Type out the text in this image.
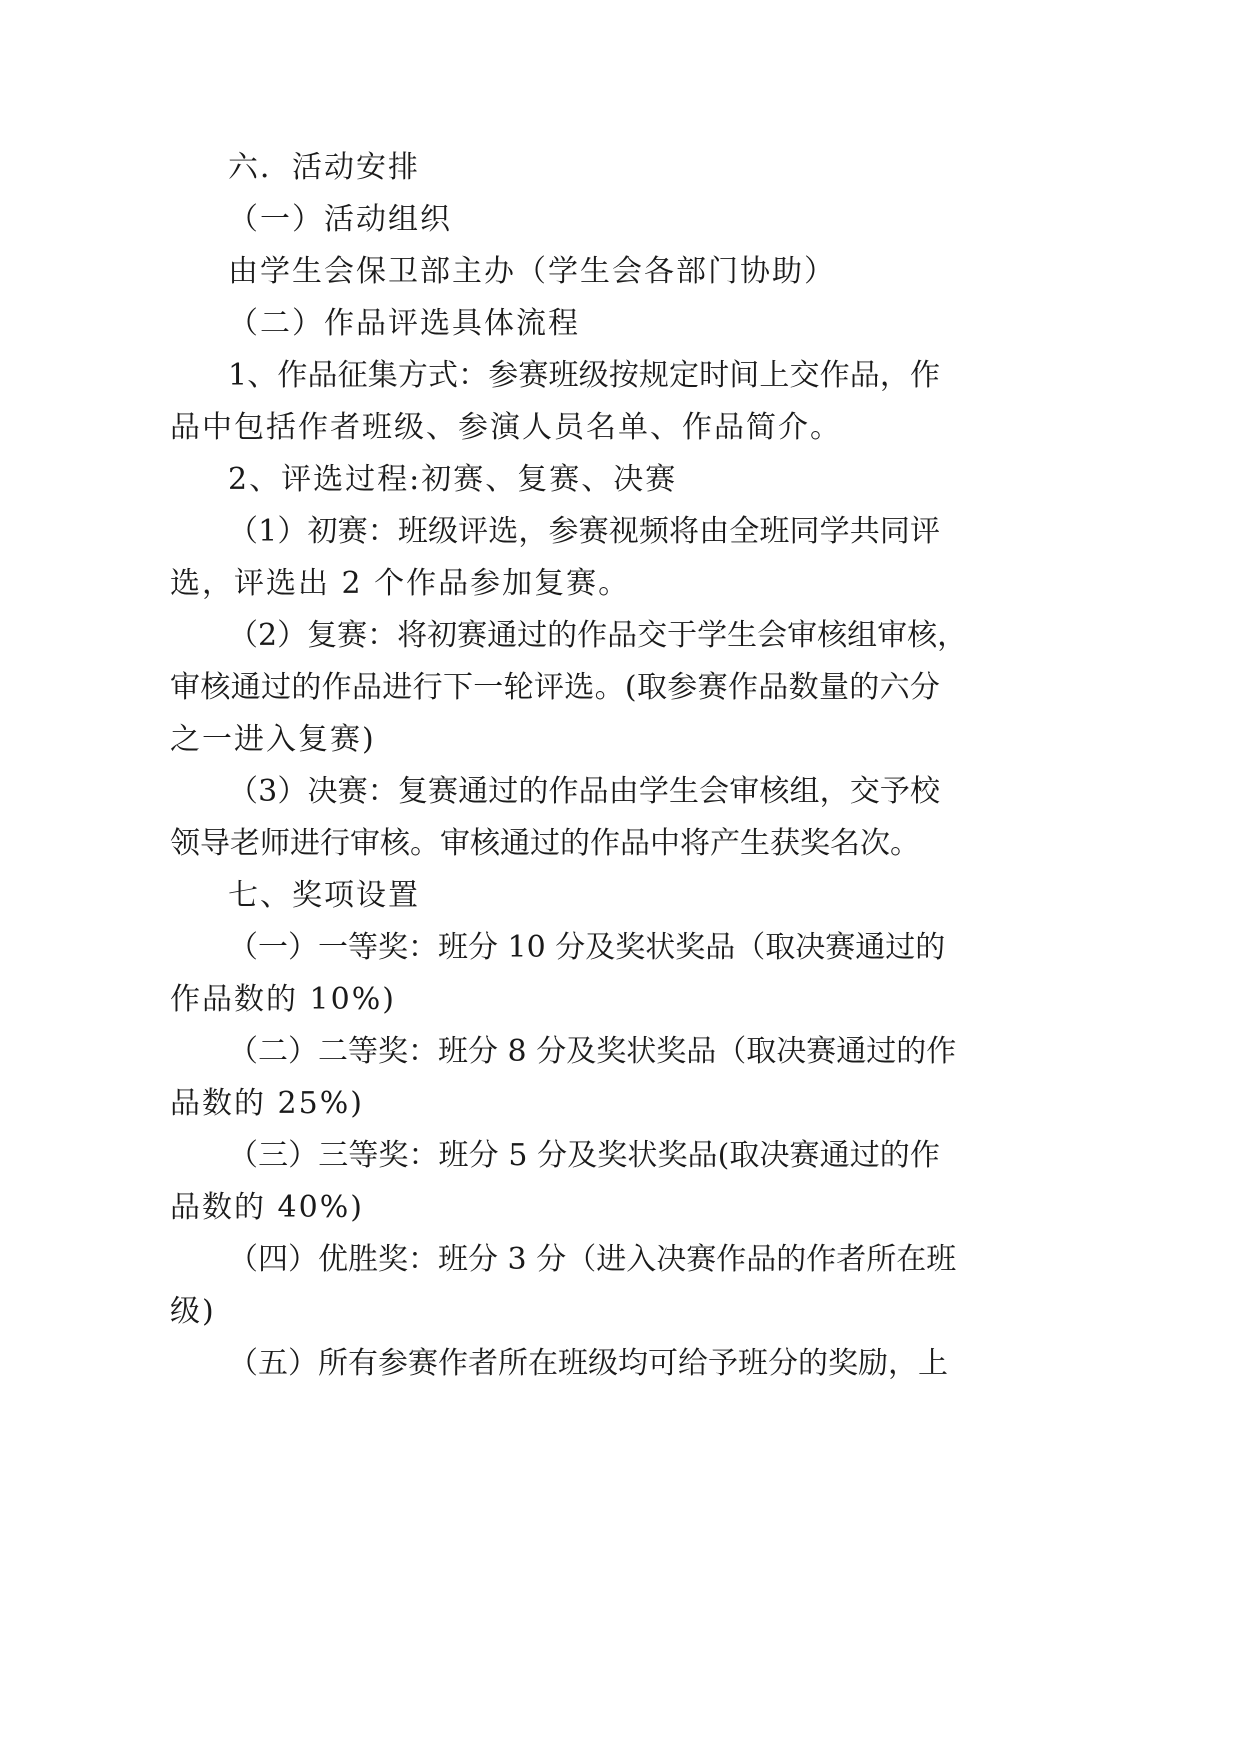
六．活动安排
（一）活动组织
由学生会保卫部主办（学生会各部门协助）
（二）作品评选具体流程
1 、 作 品 征 集 方 式 ： 参 赛 班 级 按 规 定 时 间 上 交 作 品 ， 作
品中包括作者班级、参演人员名单、作品简介。
2、评选过程:初赛、复赛、决赛
（ 1 ） 初 赛 ： 班 级 评 选 ， 参 赛 视 频 将 由 全 班 同 学 共 同 评
选，评选出 2 个作品参加复赛。
（ 2 ） 复 赛 ： 将 初 赛 通 过 的 作 品 交 于 学 生 会 审 核 组 审 核 ，
审 核 通 过 的 作 品 进 行 下 一 轮 评 选 。 ( 取 参 赛 作 品 数 量 的 六 分
之一进入复赛)
（ 3 ） 决 赛 ： 复 赛 通 过 的 作 品 由 学 生 会 审 核 组 ， 交 予 校
领 导 老 师 进 行 审 核 。 审 核 通 过 的 作 品 中 将 产 生 获 奖 名 次 。
七、奖项设置
（ 一 ） 一 等 奖 ： 班 分
1 0
分 及 奖 状 奖 品 （ 取 决 赛 通 过 的
作品数的 10%)
（ 二 ） 二 等 奖 ： 班 分
8
分 及 奖 状 奖 品 （ 取 决 赛 通 过 的 作
品数的 25%)
（ 三 ） 三 等 奖 ： 班 分
5
分 及 奖 状 奖 品 ( 取 决 赛 通 过 的 作
品数的 40%)
（ 四 ） 优 胜 奖 ： 班 分
3
分 （ 进 入 决 赛 作 品 的 作 者 所 在 班
级)
（ 五 ） 所 有 参 赛 作 者 所 在 班 级 均 可 给 予 班 分 的 奖 励 ， 上
